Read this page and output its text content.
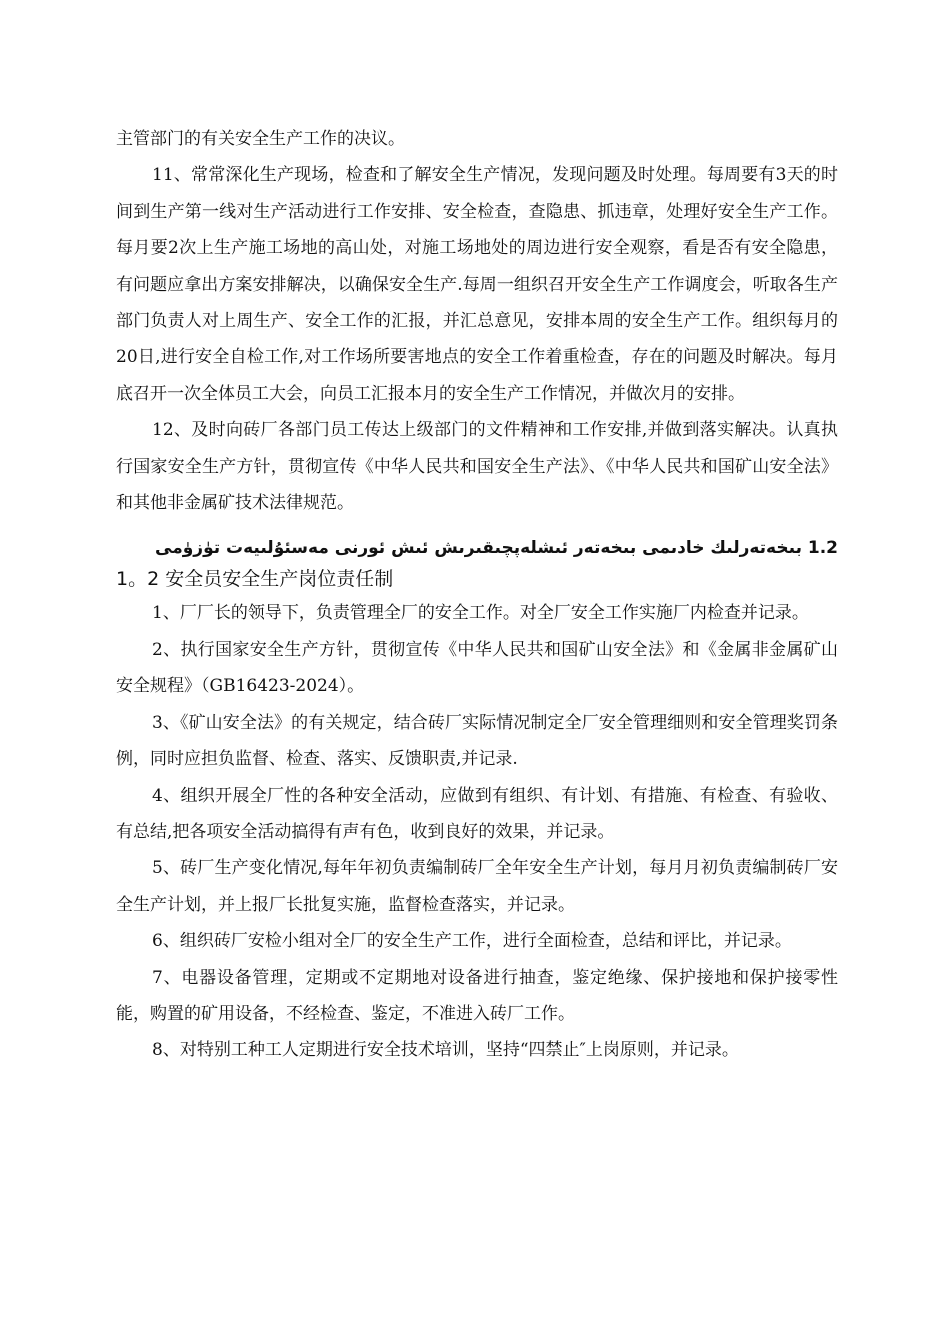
主管部门的有关安全生产工作的决议。

11、常常深化生产现场，检查和了解安全生产情况，发现问题及时处理。每周要有3天的时间到生产第一线对生产活动进行工作安排、安全检查，查隐患、抓违章，处理好安全生产工作。每月要2次上生产施工场地的高山处，对施工场地处的周边进行安全观察，看是否有安全隐患，有问题应拿出方案安排解决，以确保安全生产.每周一组织召开安全生产工作调度会，听取各生产部门负责人对上周生产、安全工作的汇报，并汇总意见，安排本周的安全生产工作。组织每月的20日,进行安全自检工作,对工作场所要害地点的安全工作着重检查，存在的问题及时解决。每月底召开一次全体员工大会，向员工汇报本月的安全生产工作情况，并做次月的安排。

12、及时向砖厂各部门员工传达上级部门的文件精神和工作安排,并做到落实解决。认真执行国家安全生产方针，贯彻宣传《中华人民共和国安全生产法》、《中华人民共和国矿山安全法》和其他非金属矿技术法律规范。

1.2 بىخەتەرلىك خادىمى بىخەتەر ئىشلەپچىقىرىش ئىش ئورنى مەسئۇلىيەت تۈزۈمى

1。2 安全员安全生产岗位责任制

1、厂厂长的领导下，负责管理全厂的安全工作。对全厂安全工作实施厂内检查并记录。

2、执行国家安全生产方针，贯彻宣传《中华人民共和国矿山安全法》和《金属非金属矿山安全规程》（GB16423-2024）。

3、《矿山安全法》的有关规定，结合砖厂实际情况制定全厂安全管理细则和安全管理奖罚条例，同时应担负监督、检查、落实、反馈职责,并记录.

4、组织开展全厂性的各种安全活动，应做到有组织、有计划、有措施、有检查、有验收、有总结,把各项安全活动搞得有声有色，收到良好的效果，并记录。

5、砖厂生产变化情况,每年年初负责编制砖厂全年安全生产计划，每月月初负责编制砖厂安全生产计划，并上报厂长批复实施，监督检查落实，并记录。

6、组织砖厂安检小组对全厂的安全生产工作，进行全面检查，总结和评比，并记录。

7、电器设备管理，定期或不定期地对设备进行抽查，鉴定绝缘、保护接地和保护接零性能，购置的矿用设备，不经检查、鉴定，不准进入砖厂工作。

8、对特别工种工人定期进行安全技术培训，坚持“四禁止″上岗原则，并记录。
